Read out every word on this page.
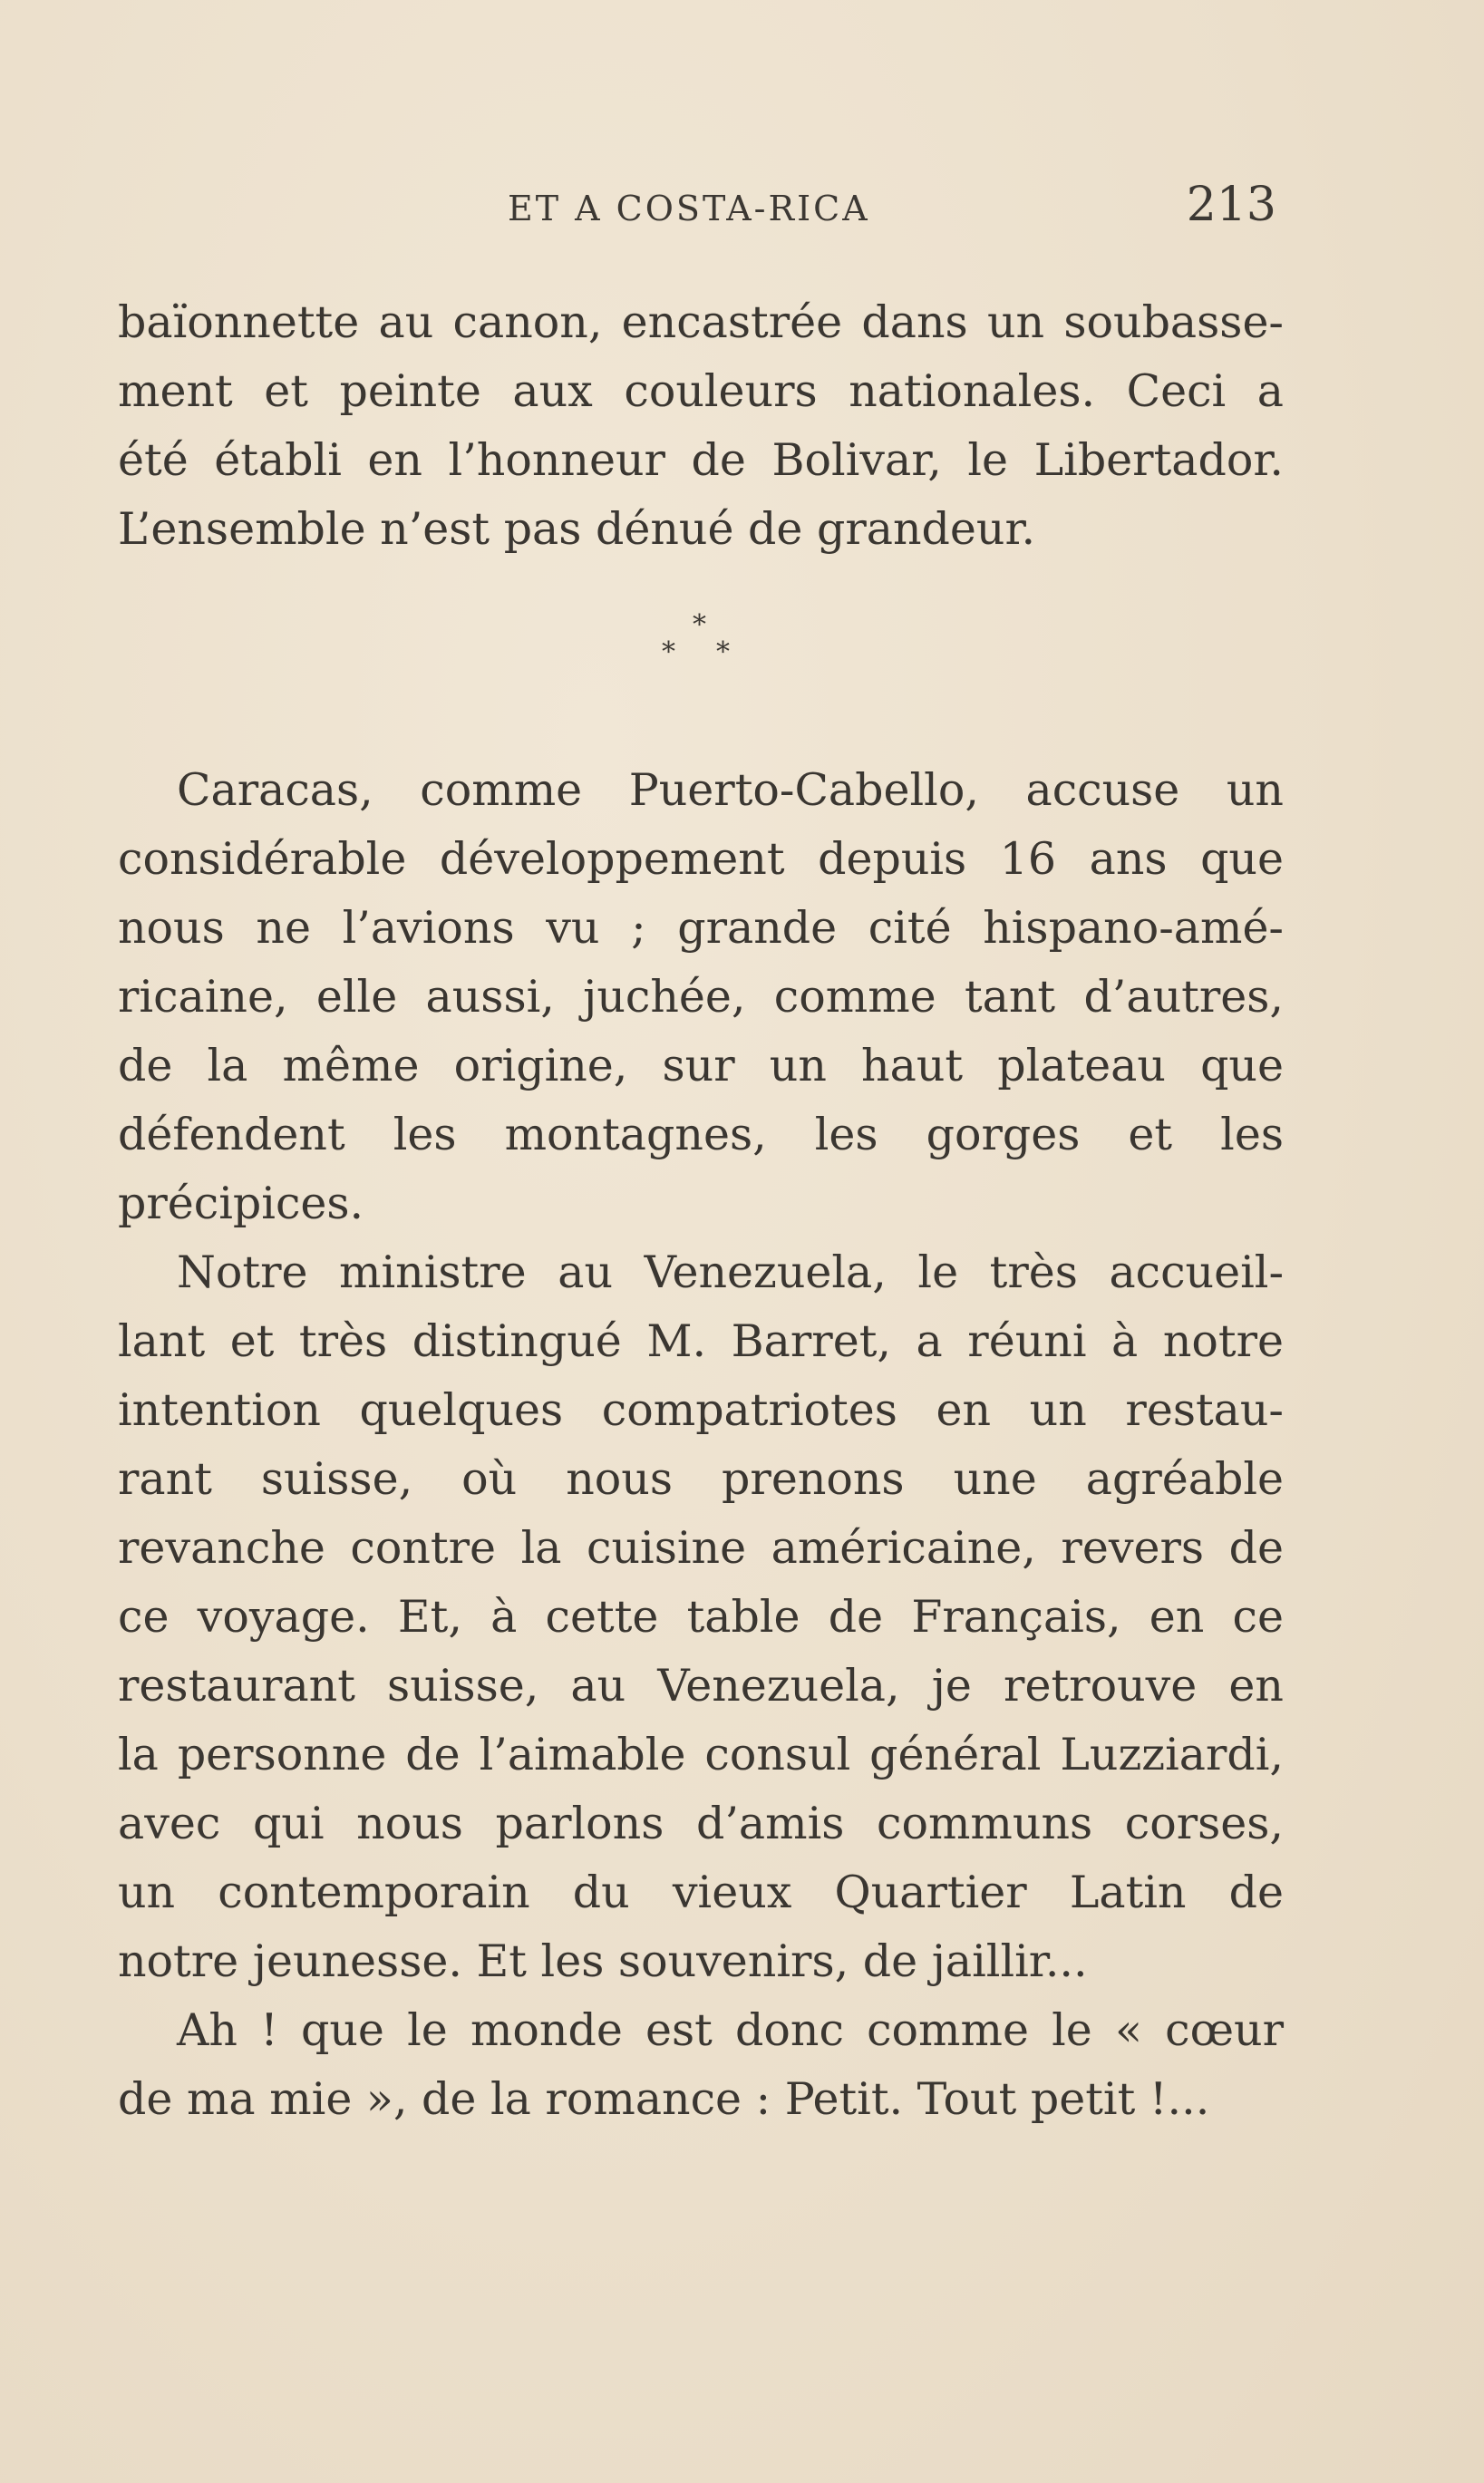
ET A COSTA-RICA	213
baïonnette au canon, encastrée dans un soubasse-
ment et peinte aux couleurs nationales. Ceci a
été établi en l’honneur de Bolivar, le Libertador.
L’ensemble n’est pas dénué de grandeur.
*
* *
Caracas, comme Puerto-Cabello, accuse un
considérable développement depuis 16 ans que
nous ne l’avions vu ; grande cité hispano-amé-
ricaine, elle aussi, juchée, comme tant d’autres,
de la même origine, sur un haut plateau que
défendent les montagnes, les gorges et les
précipices.
Notre ministre au Venezuela, le très accueil-
lant et très distingué M. Barret, a réuni à notre
intention quelques compatriotes en un restau-
rant suisse, où nous prenons une agréable
revanche contre la cuisine américaine, revers de
ce voyage. Et, à cette table de Français, en ce
restaurant suisse, au Venezuela, je retrouve en
la personne de l’aimable consul général Luzziardi,
avec qui nous parlons d’amis communs corses,
un contemporain du vieux Quartier Latin de
notre jeunesse. Et les souvenirs, de jaillir...
Ah ! que le monde est donc comme le « cœur
de ma mie », de la romance : Petit. Tout petit !...
